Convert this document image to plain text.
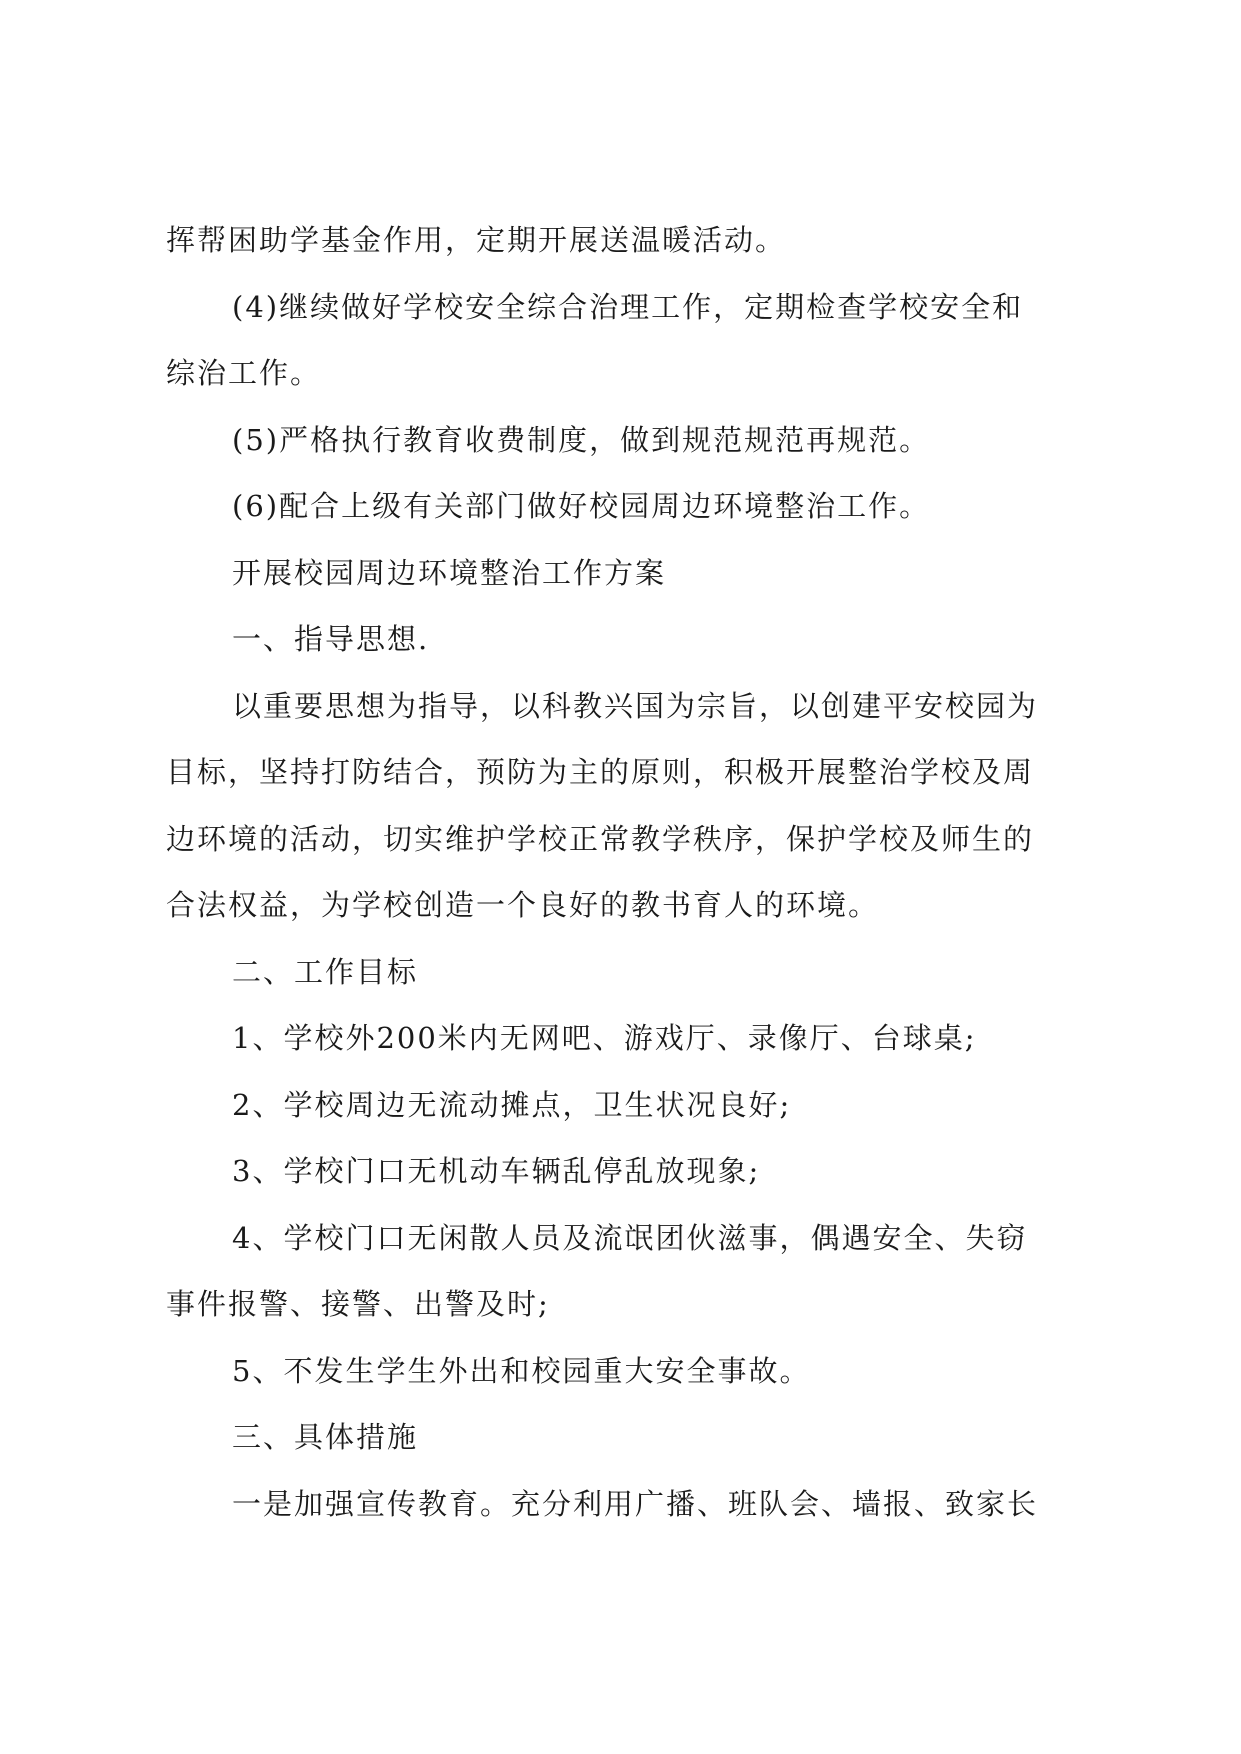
挥帮困助学基金作用，定期开展送温暖活动。
(4)继续做好学校安全综合治理工作，定期检查学校安全和
综治工作。
(5)严格执行教育收费制度，做到规范规范再规范。
(6)配合上级有关部门做好校园周边环境整治工作。
开展校园周边环境整治工作方案
一、指导思想.
以重要思想为指导，以科教兴国为宗旨，以创建平安校园为
目标，坚持打防结合，预防为主的原则，积极开展整治学校及周
边环境的活动，切实维护学校正常教学秩序，保护学校及师生的
合法权益，为学校创造一个良好的教书育人的环境。
二、工作目标
1、学校外200米内无网吧、游戏厅、录像厅、台球桌;
2、学校周边无流动摊点，卫生状况良好;
3、学校门口无机动车辆乱停乱放现象;
4、学校门口无闲散人员及流氓团伙滋事，偶遇安全、失窃
事件报警、接警、出警及时;
5、不发生学生外出和校园重大安全事故。
三、具体措施
一是加强宣传教育。充分利用广播、班队会、墙报、致家长
